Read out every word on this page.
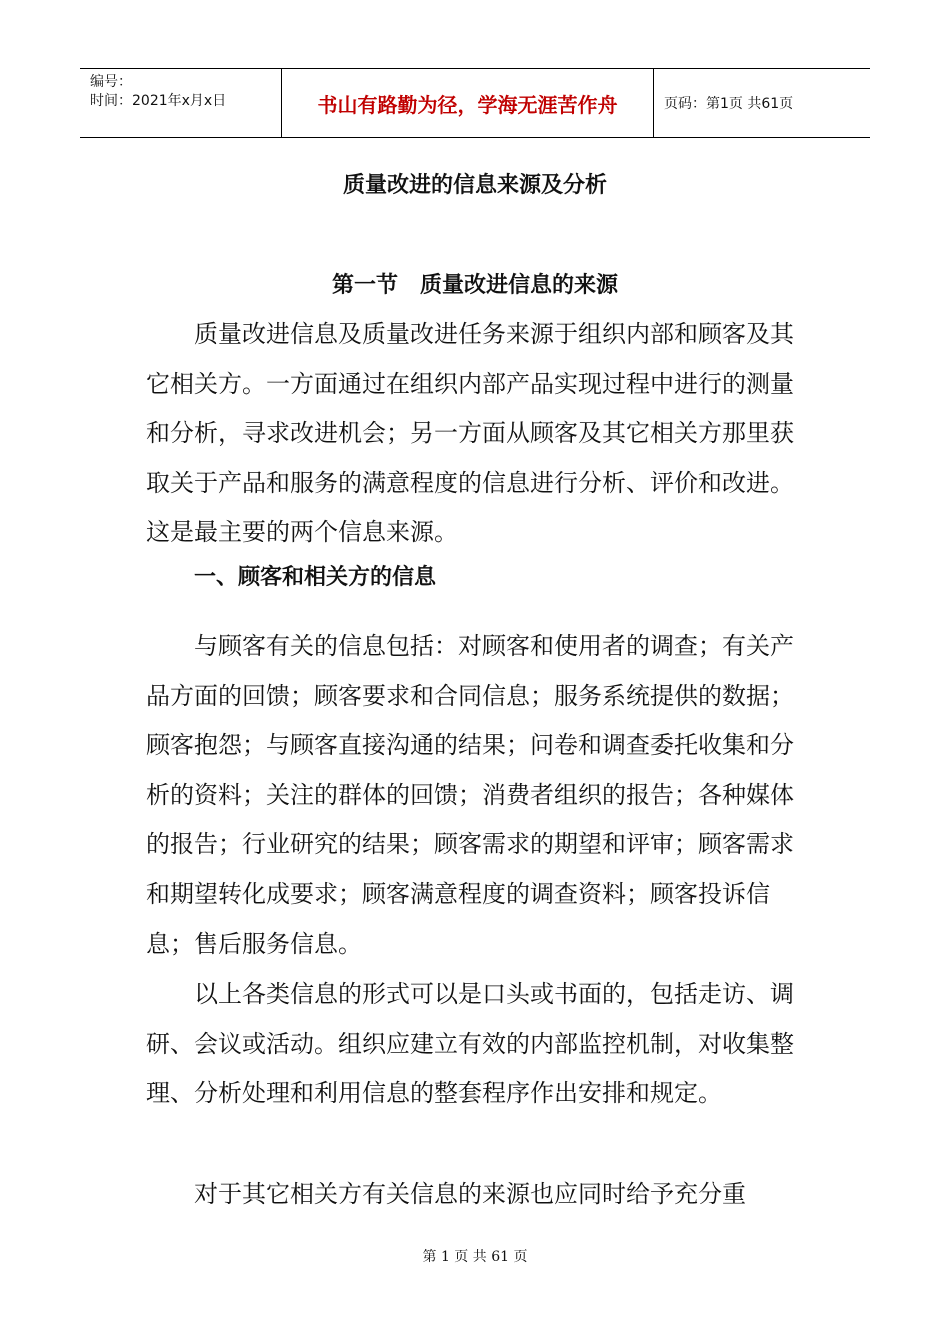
编号：
时间：2021年x月x日	书山有路勤为径，学海无涯苦作舟	页码：第1页 共61页
质量改进的信息来源及分析
第一节 质量改进信息的来源

质量改进信息及质量改进任务来源于组织内部和顾客及其它相关方。一方面通过在组织内部产品实现过程中进行的测量和分析，寻求改进机会；另一方面从顾客及其它相关方那里获取关于产品和服务的满意程度的信息进行分析、评价和改进。这是最主要的两个信息来源。

一、顾客和相关方的信息

与顾客有关的信息包括：对顾客和使用者的调查；有关产品方面的回馈；顾客要求和合同信息；服务系统提供的数据；顾客抱怨；与顾客直接沟通的结果；问卷和调查委托收集和分析的资料；关注的群体的回馈；消费者组织的报告；各种媒体的报告；行业研究的结果；顾客需求的期望和评审；顾客需求和期望转化成要求；顾客满意程度的调查资料；顾客投诉信息；售后服务信息。

以上各类信息的形式可以是口头或书面的，包括走访、调研、会议或活动。组织应建立有效的内部监控机制，对收集整理、分析处理和利用信息的整套程序作出安排和规定。

对于其它相关方有关信息的来源也应同时给予充分重

第 1 页 共 61 页
